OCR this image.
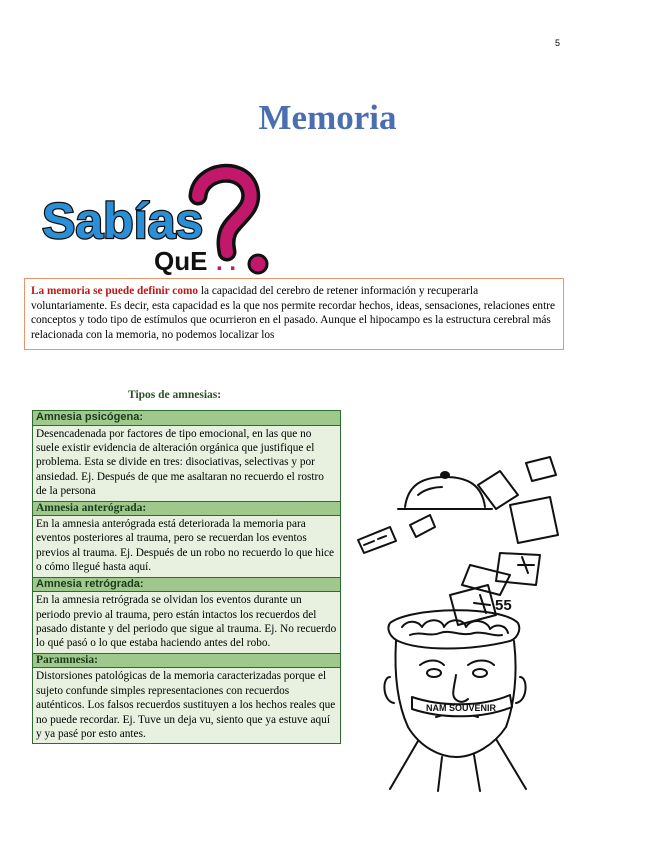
5
Memoria
Sabías
QuE . .
La memoria se puede definir como la capacidad del cerebro de retener información y recuperarla voluntariamente. Es decir, esta capacidad es la que nos permite recordar hechos, ideas, sensaciones, relaciones entre conceptos y todo tipo de estímulos que ocurrieron en el pasado. Aunque el hipocampo es la estructura cerebral más relacionada con la memoria, no podemos localizar los
Tipos de amnesias:
Amnesia psicógena:
Desencadenada por factores de tipo emocional, en las que no suele existir evidencia de alteración orgánica que justifique el problema. Esta se divide en tres: disociativas, selectivas y por ansiedad. Ej. Después de que me asaltaran no recuerdo el rostro de la persona
Amnesia anterógrada:
En la amnesia anterógrada está deteriorada la memoria para eventos posteriores al trauma, pero se recuerdan los eventos previos al trauma. Ej. Después de un robo no recuerdo lo que hice o cómo llegué hasta aquí.
Amnesia retrógrada:
En la amnesia retrógrada se olvidan los eventos durante un periodo previo al trauma, pero están intactos los recuerdos del pasado distante y del periodo que sigue al trauma. Ej. No recuerdo lo qué pasó o lo que estaba haciendo antes del robo.
Paramnesia:
Distorsiones patológicas de la memoria caracterizadas porque el sujeto confunde simples representaciones con recuerdos auténticos. Los falsos recuerdos sustituyen a los hechos reales que no puede recordar. Ej. Tuve un deja vu, siento que ya estuve aquí y ya pasé por esto antes.
55
NAM SOUVENIR
